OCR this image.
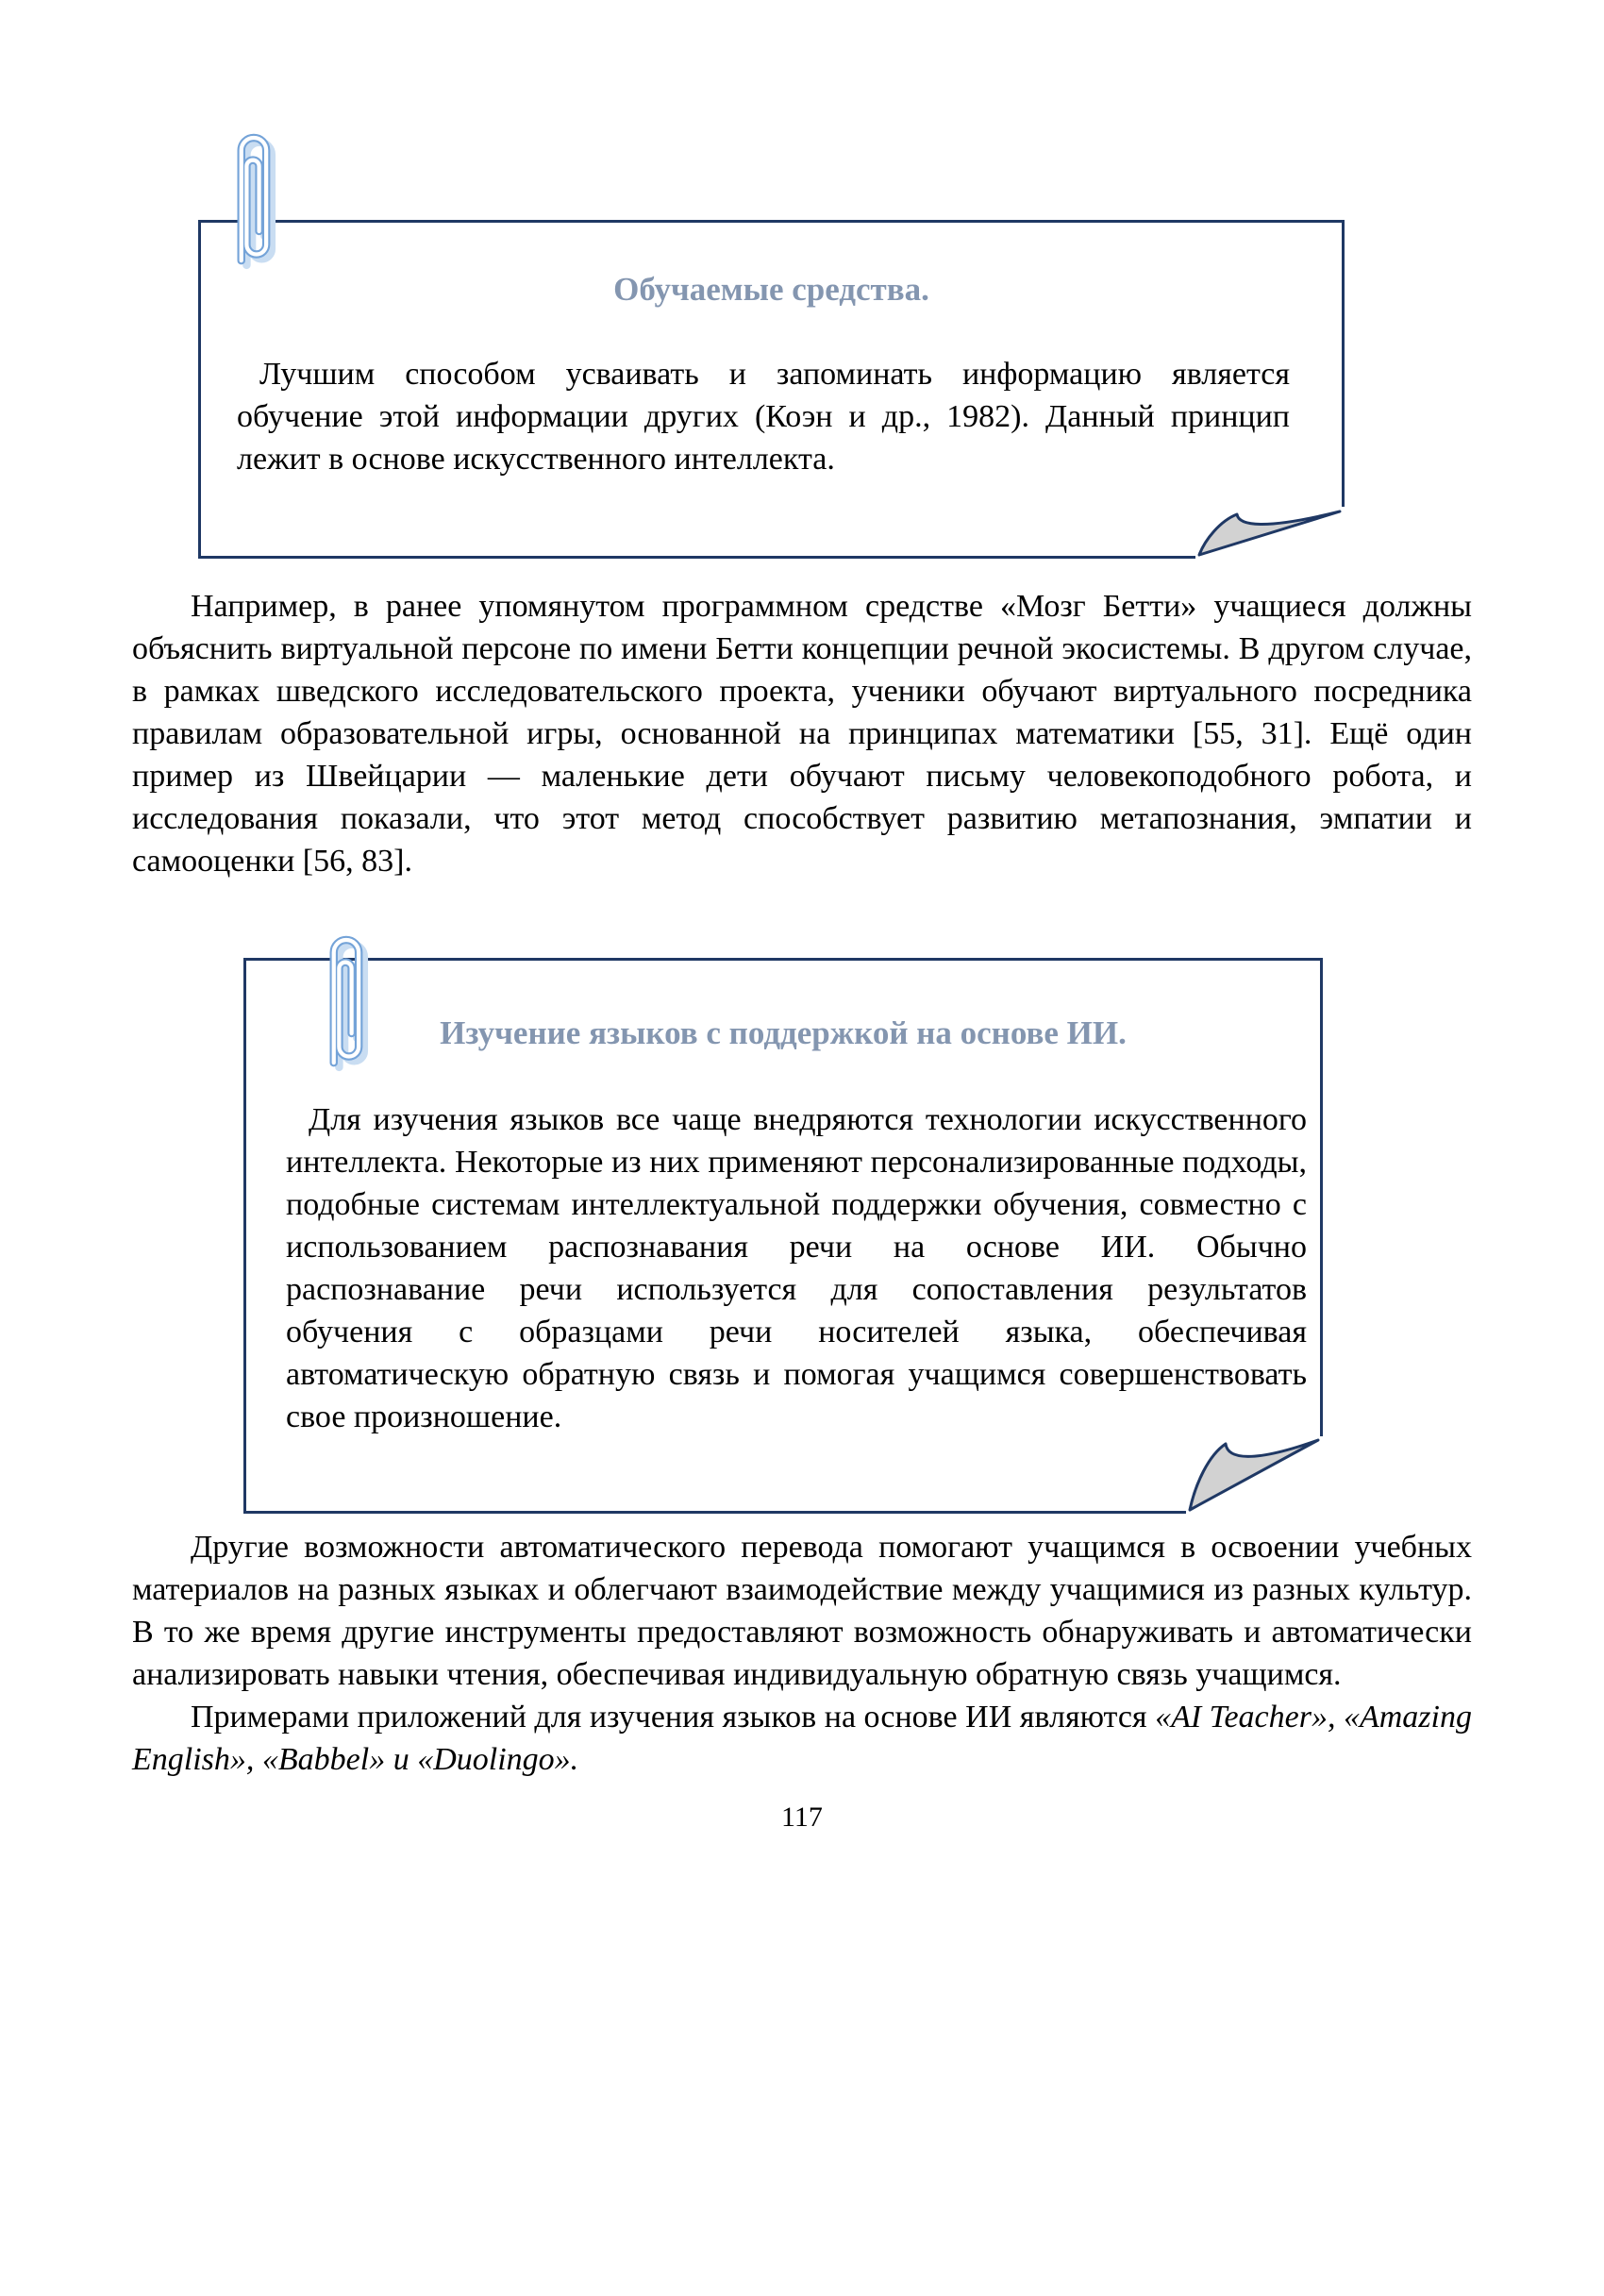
Обучаемые средства.
Лучшим способом усваивать и запоминать информацию является обучение этой информации других (Коэн и др., 1982). Данный принцип лежит в основе искусственного интеллекта.

Например, в ранее упомянутом программном средстве «Мозг Бетти» учащиеся должны объяснить виртуальной персоне по имени Бетти концепции речной экосистемы. В другом случае, в рамках шведского исследовательского проекта, ученики обучают виртуального посредника правилам образовательной игры, основанной на принципах математики [55, 31]. Ещё один пример из Швейцарии — маленькие дети обучают письму человекоподобного робота, и исследования показали, что этот метод способствует развитию метапознания, эмпатии и самооценки [56, 83].

Изучение языков с поддержкой на основе ИИ.
Для изучения языков все чаще внедряются технологии искусственного интеллекта. Некоторые из них применяют персонализированные подходы, подобные системам интеллектуальной поддержки обучения, совместно с использованием распознавания речи на основе ИИ. Обычно распознавание речи используется для сопоставления результатов обучения с образцами речи носителей языка, обеспечивая автоматическую обратную связь и помогая учащимся совершенствовать свое произношение.

Другие возможности автоматического перевода помогают учащимся в освоении учебных материалов на разных языках и облегчают взаимодействие между учащимися из разных культур. В то же время другие инструменты предоставляют возможность обнаруживать и автоматически анализировать навыки чтения, обеспечивая индивидуальную обратную связь учащимся.

Примерами приложений для изучения языков на основе ИИ являются «AI Teacher», «Amazing English», «Babbel» и «Duolingo».

117
